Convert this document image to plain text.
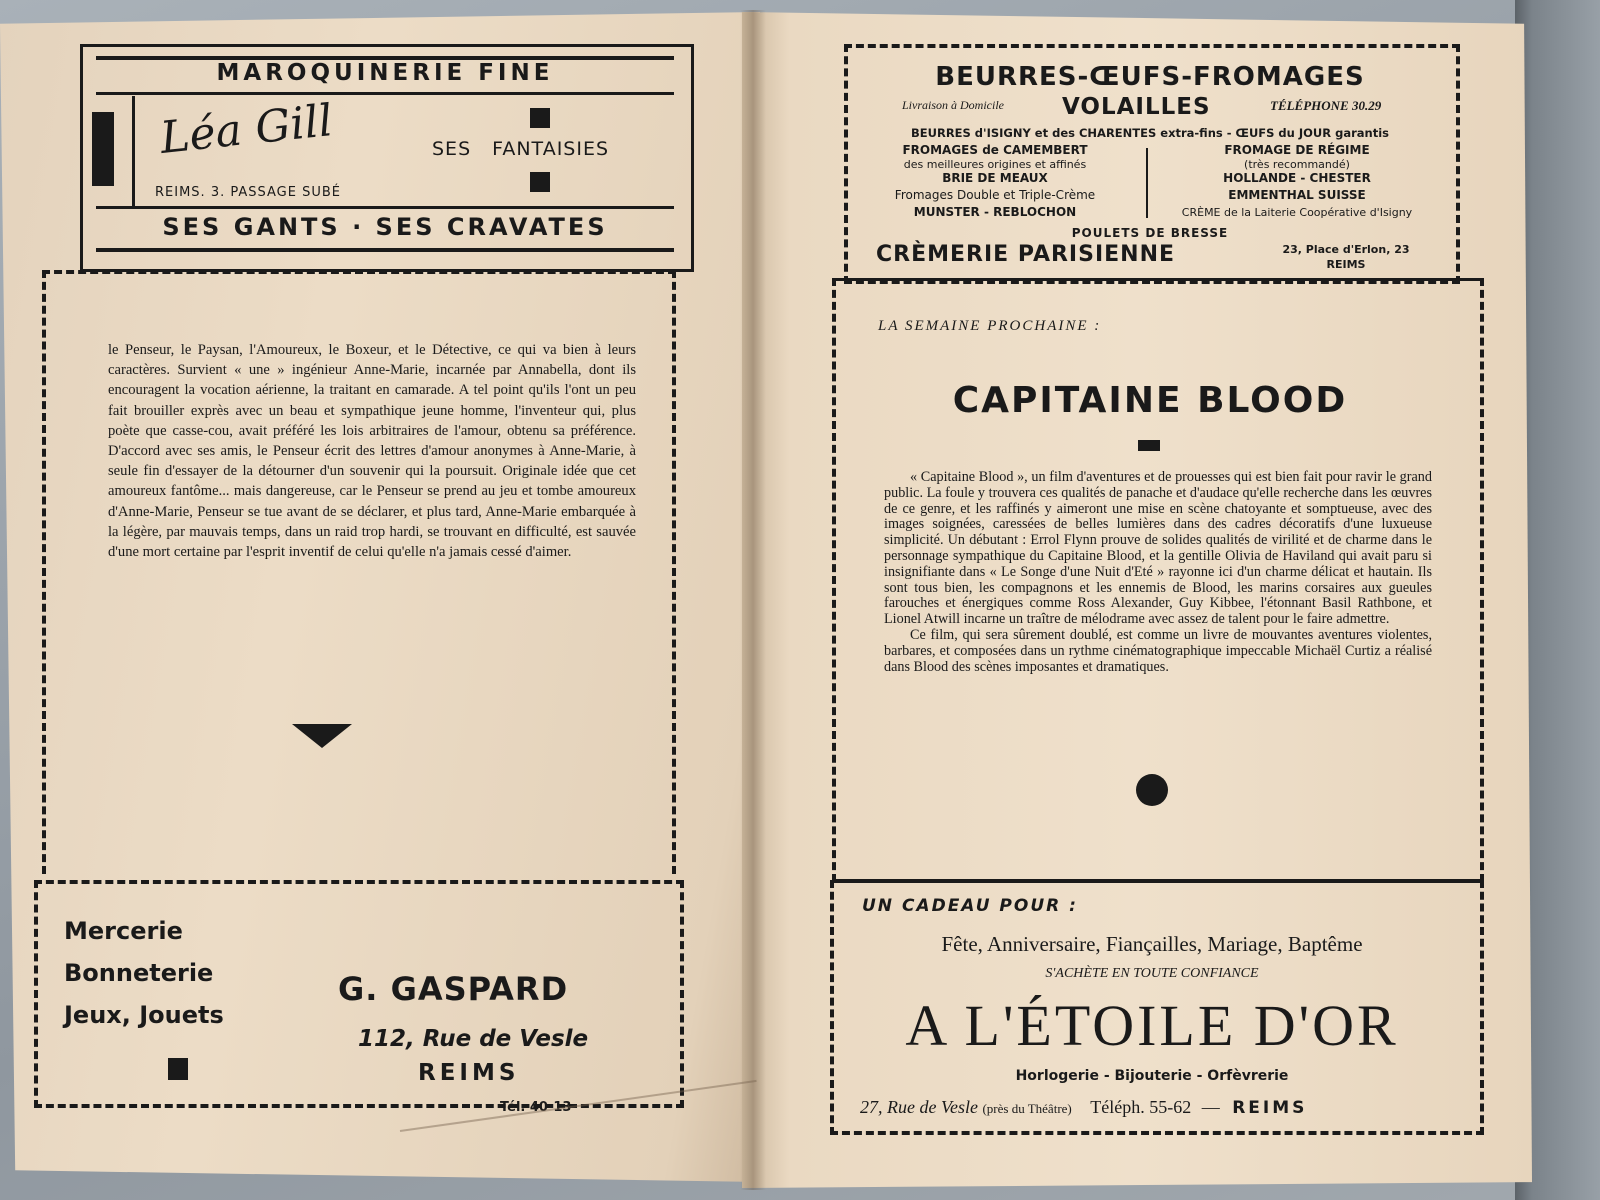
MAROQUINERIE FINE
Léa Gill
REIMS. 3. PASSAGE SUBÉ
SES FANTAISIES
SES GANTS · SES CRAVATES

le Penseur, le Paysan, l'Amoureux, le Boxeur, et le Détective, ce qui va bien à leurs caractères. Survient « une » ingénieur Anne-Marie, incarnée par Annabella, dont ils encouragent la vocation aérienne, la traitant en camarade. A tel point qu'ils l'ont un peu fait brouiller exprès avec un beau et sympathique jeune homme, l'inventeur qui, plus poète que casse-cou, avait préféré les lois arbitraires de l'amour, obtenu sa préférence. D'accord avec ses amis, le Penseur écrit des lettres d'amour anonymes à Anne-Marie, à seule fin d'essayer de la détourner d'un souvenir qui la poursuit. Originale idée que cet amoureux fantôme... mais dangereuse, car le Penseur se prend au jeu et tombe amoureux d'Anne-Marie, Penseur se tue avant de se déclarer, et plus tard, Anne-Marie embarquée à la légère, par mauvais temps, dans un raid trop hardi, se trouvant en difficulté, est sauvée d'une mort certaine par l'esprit inventif de celui qu'elle n'a jamais cessé d'aimer.

Mercerie
Bonneterie
Jeux, Jouets
G. GASPARD
112, Rue de Vesle
REIMS
Tél. 40-13
BEURRES-ŒUFS-FROMAGES
Livraison à Domicile	VOLAILLES	TÉLÉPHONE 30.29
BEURRES d'ISIGNY et des CHARENTES extra-fins - ŒUFS du JOUR garantis
FROMAGES de CAMEMBERT
des meilleures origines et affinés
BRIE DE MEAUX
Fromages Double et Triple-Crème
MUNSTER - REBLOCHON
FROMAGE DE RÉGIME
(très recommandé)
HOLLANDE - CHESTER
EMMENTHAL SUISSE
CRÈME de la Laiterie Coopérative d'Isigny
POULETS DE BRESSE
CRÈMERIE PARISIENNE	23, Place d'Erlon, 23
REIMS
LA SEMAINE PROCHAINE :
CAPITAINE BLOOD

« Capitaine Blood », un film d'aventures et de prouesses qui est bien fait pour ravir le grand public. La foule y trouvera ces qualités de panache et d'audace qu'elle recherche dans les œuvres de ce genre, et les raffinés y aimeront une mise en scène chatoyante et somptueuse, avec des images soignées, caressées de belles lumières dans des cadres décoratifs d'une luxueuse simplicité. Un débutant : Errol Flynn prouve de solides qualités de virilité et de charme dans le personnage sympathique du Capitaine Blood, et la gentille Olivia de Haviland qui avait paru si insignifiante dans « Le Songe d'une Nuit d'Eté » rayonne ici d'un charme délicat et hautain. Ils sont tous bien, les compagnons et les ennemis de Blood, les marins corsaires aux gueules farouches et énergiques comme Ross Alexander, Guy Kibbee, l'étonnant Basil Rathbone, et Lionel Atwill incarne un traître de mélodrame avec assez de talent pour le faire admettre.

Ce film, qui sera sûrement doublé, est comme un livre de mouvantes aventures violentes, barbares, et composées dans un rythme cinématographique impeccable Michaël Curtiz a réalisé dans Blood des scènes imposantes et dramatiques.

UN CADEAU POUR :
Fête, Anniversaire, Fiançailles, Mariage, Baptême
S'ACHÈTE EN TOUTE CONFIANCE
A L'ÉTOILE D'OR
Horlogerie - Bijouterie - Orfèvrerie
27, Rue de Vesle (près du Théâtre) Téléph. 55-62 — REIMS
